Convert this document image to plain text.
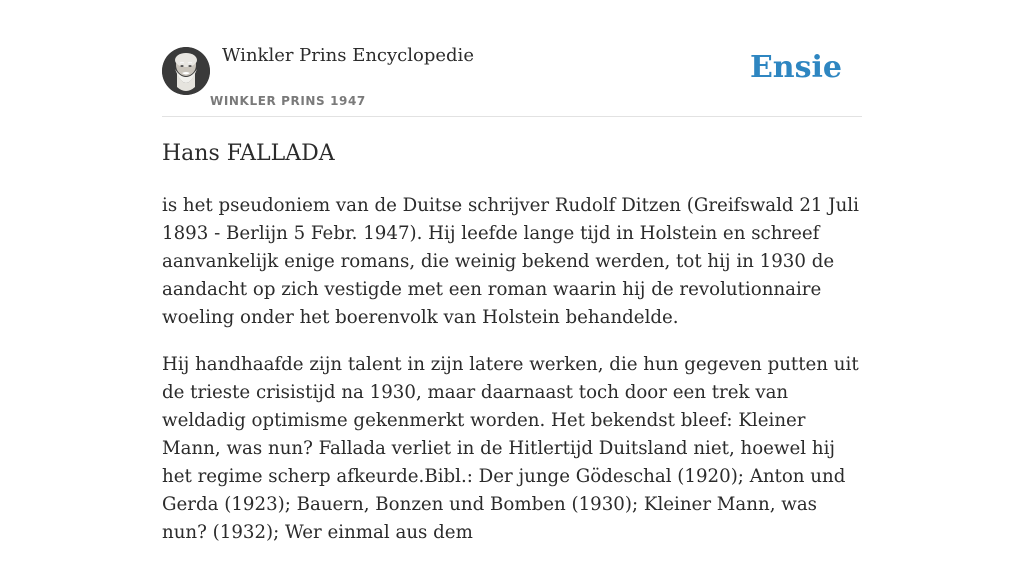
Winkler Prins Encyclopedie
WINKLER PRINS 1947
Ensie
Hans FALLADA

is het pseudoniem van de Duitse schrijver Rudolf Ditzen (Greifswald 21 Juli 1893 - Berlijn 5 Febr. 1947). Hij leefde lange tijd in Holstein en schreef aanvankelijk enige romans, die weinig bekend werden, tot hij in 1930 de aandacht op zich vestigde met een roman waarin hij de revolutionnaire woeling onder het boerenvolk van Holstein behandelde.

Hij handhaafde zijn talent in zijn latere werken, die hun gegeven putten uit de trieste crisistijd na 1930, maar daarnaast toch door een trek van weldadig optimisme gekenmerkt worden. Het bekendst bleef: Kleiner Mann, was nun? Fallada verliet in de Hitlertijd Duitsland niet, hoewel hij het regime scherp afkeurde.Bibl.: Der junge Gödeschal (1920); Anton und Gerda (1923); Bauern, Bonzen und Bomben (1930); Kleiner Mann, was nun? (1932); Wer einmal aus dem
